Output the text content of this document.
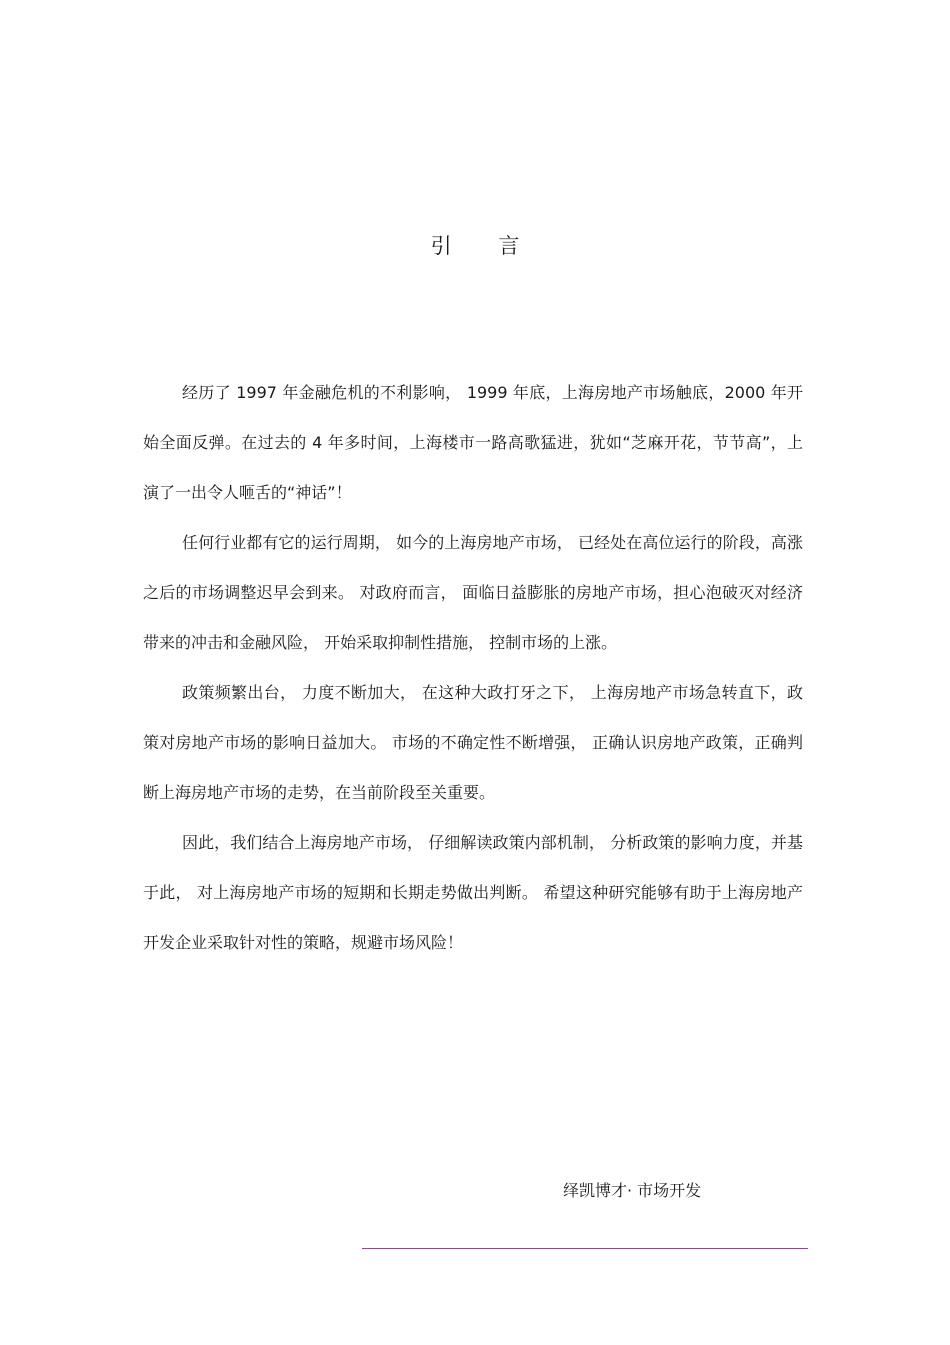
引 言

经历了 1997 年金融危机的不利影响， 1999 年底，上海房地产市场触底，2000 年开始全面反弹。在过去的 4 年多时间，上海楼市一路高歌猛进，犹如“芝麻开花，节节高”，上演了一出令人咂舌的“神话”！

任何行业都有它的运行周期， 如今的上海房地产市场， 已经处在高位运行的阶段，高涨之后的市场调整迟早会到来。 对政府而言， 面临日益膨胀的房地产市场，担心泡破灭对经济带来的冲击和金融风险， 开始采取抑制性措施， 控制市场的上涨。

政策频繁出台， 力度不断加大， 在这种大政打牙之下， 上海房地产市场急转直下，政策对房地产市场的影响日益加大。 市场的不确定性不断增强， 正确认识房地产政策，正确判断上海房地产市场的走势，在当前阶段至关重要。

因此，我们结合上海房地产市场， 仔细解读政策内部机制， 分析政策的影响力度，并基于此， 对上海房地产市场的短期和长期走势做出判断。 希望这种研究能够有助于上海房地产开发企业采取针对性的策略，规避市场风险！

绎凯博才· 市场开发
